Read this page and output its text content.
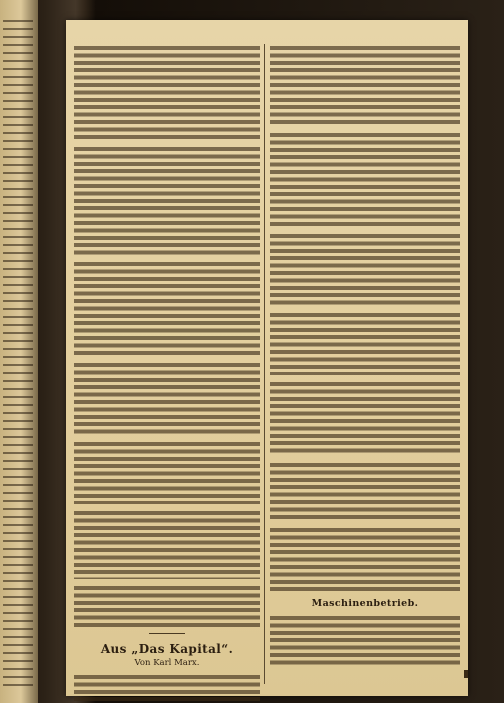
Aus „Das Kapital“.
Von Karl Marx.
Maschinenbetrieb.
